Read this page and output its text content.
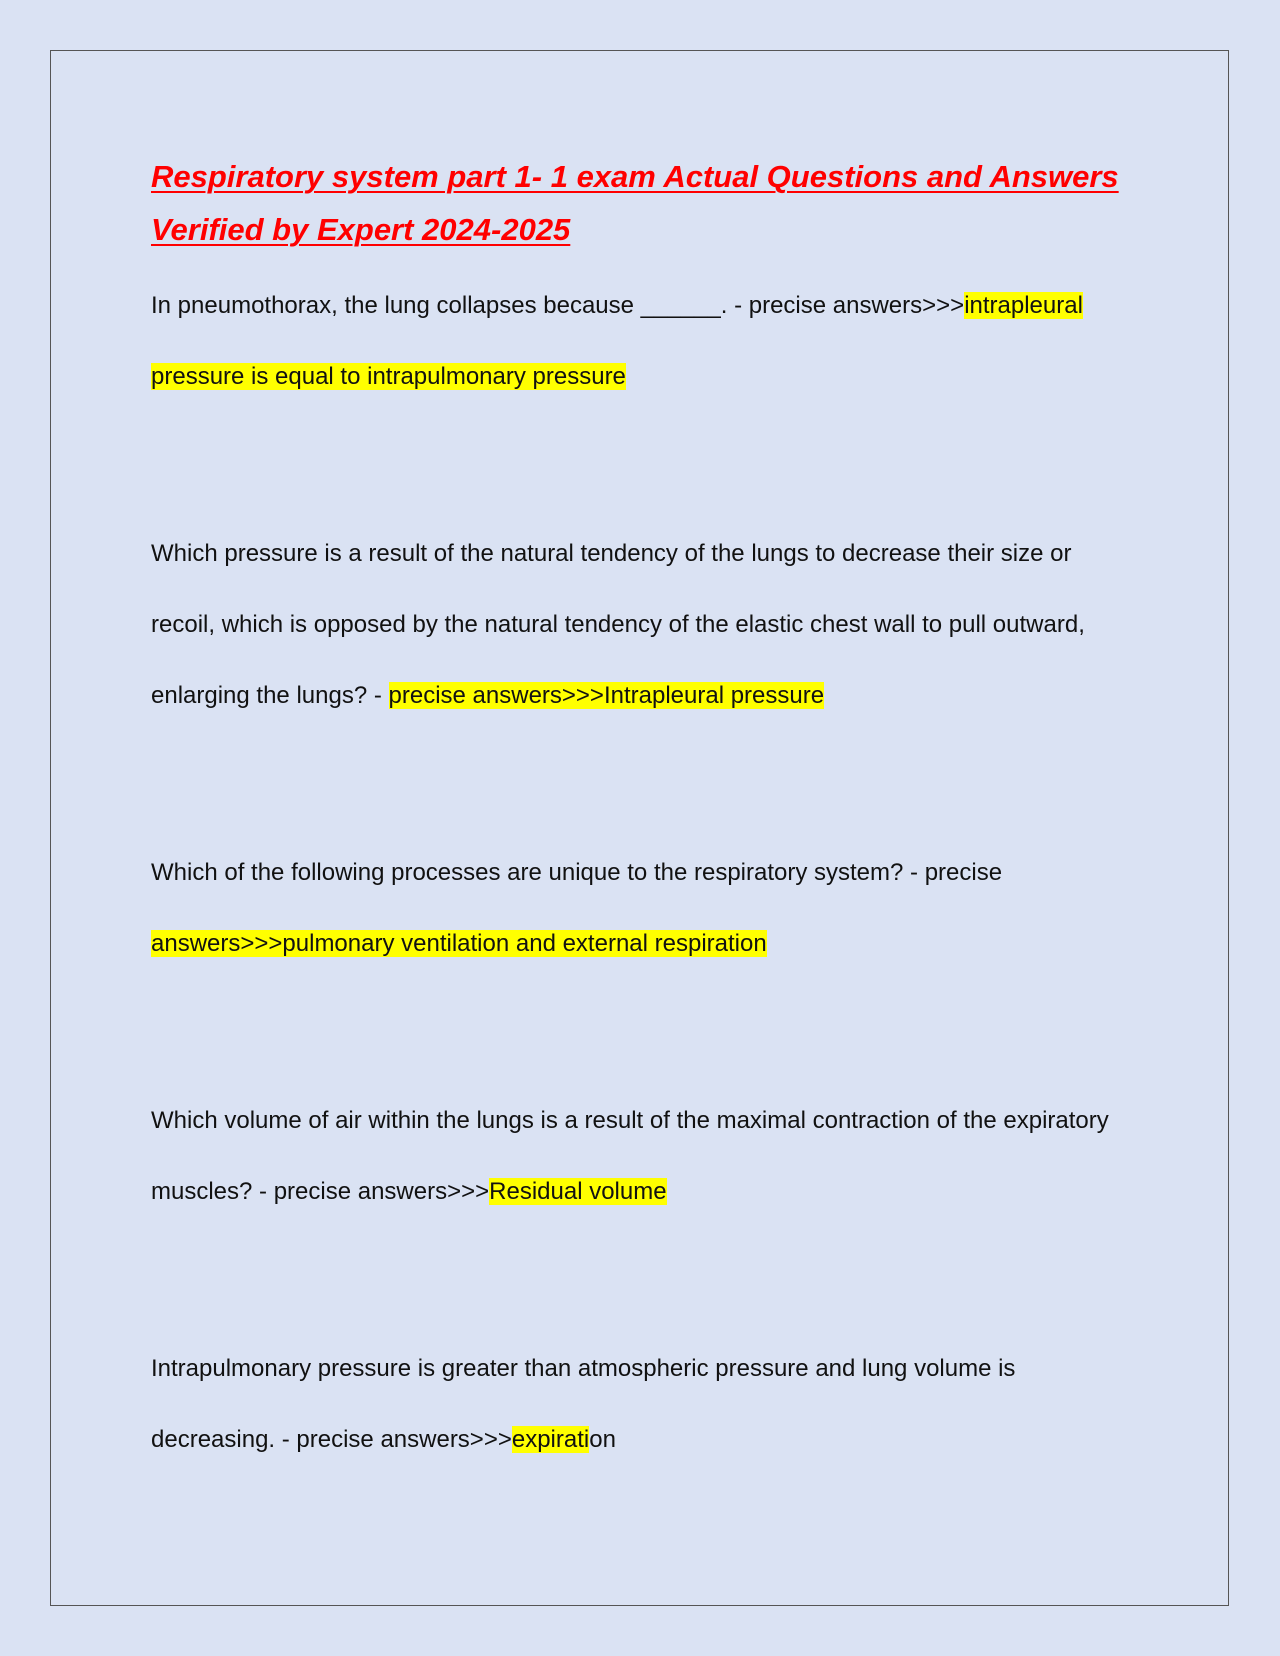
Respiratory system part 1- 1 exam Actual Questions and Answers Verified by Expert 2024-2025

In pneumothorax, the lung collapses because ______. - precise answers>>>intrapleural pressure is equal to intrapulmonary pressure

Which pressure is a result of the natural tendency of the lungs to decrease their size or recoil, which is opposed by the natural tendency of the elastic chest wall to pull outward, enlarging the lungs? - precise answers>>>Intrapleural pressure

Which of the following processes are unique to the respiratory system? - precise answers>>>pulmonary ventilation and external respiration

Which volume of air within the lungs is a result of the maximal contraction of the expiratory muscles? - precise answers>>>Residual volume

Intrapulmonary pressure is greater than atmospheric pressure and lung volume is decreasing. - precise answers>>>expiration
